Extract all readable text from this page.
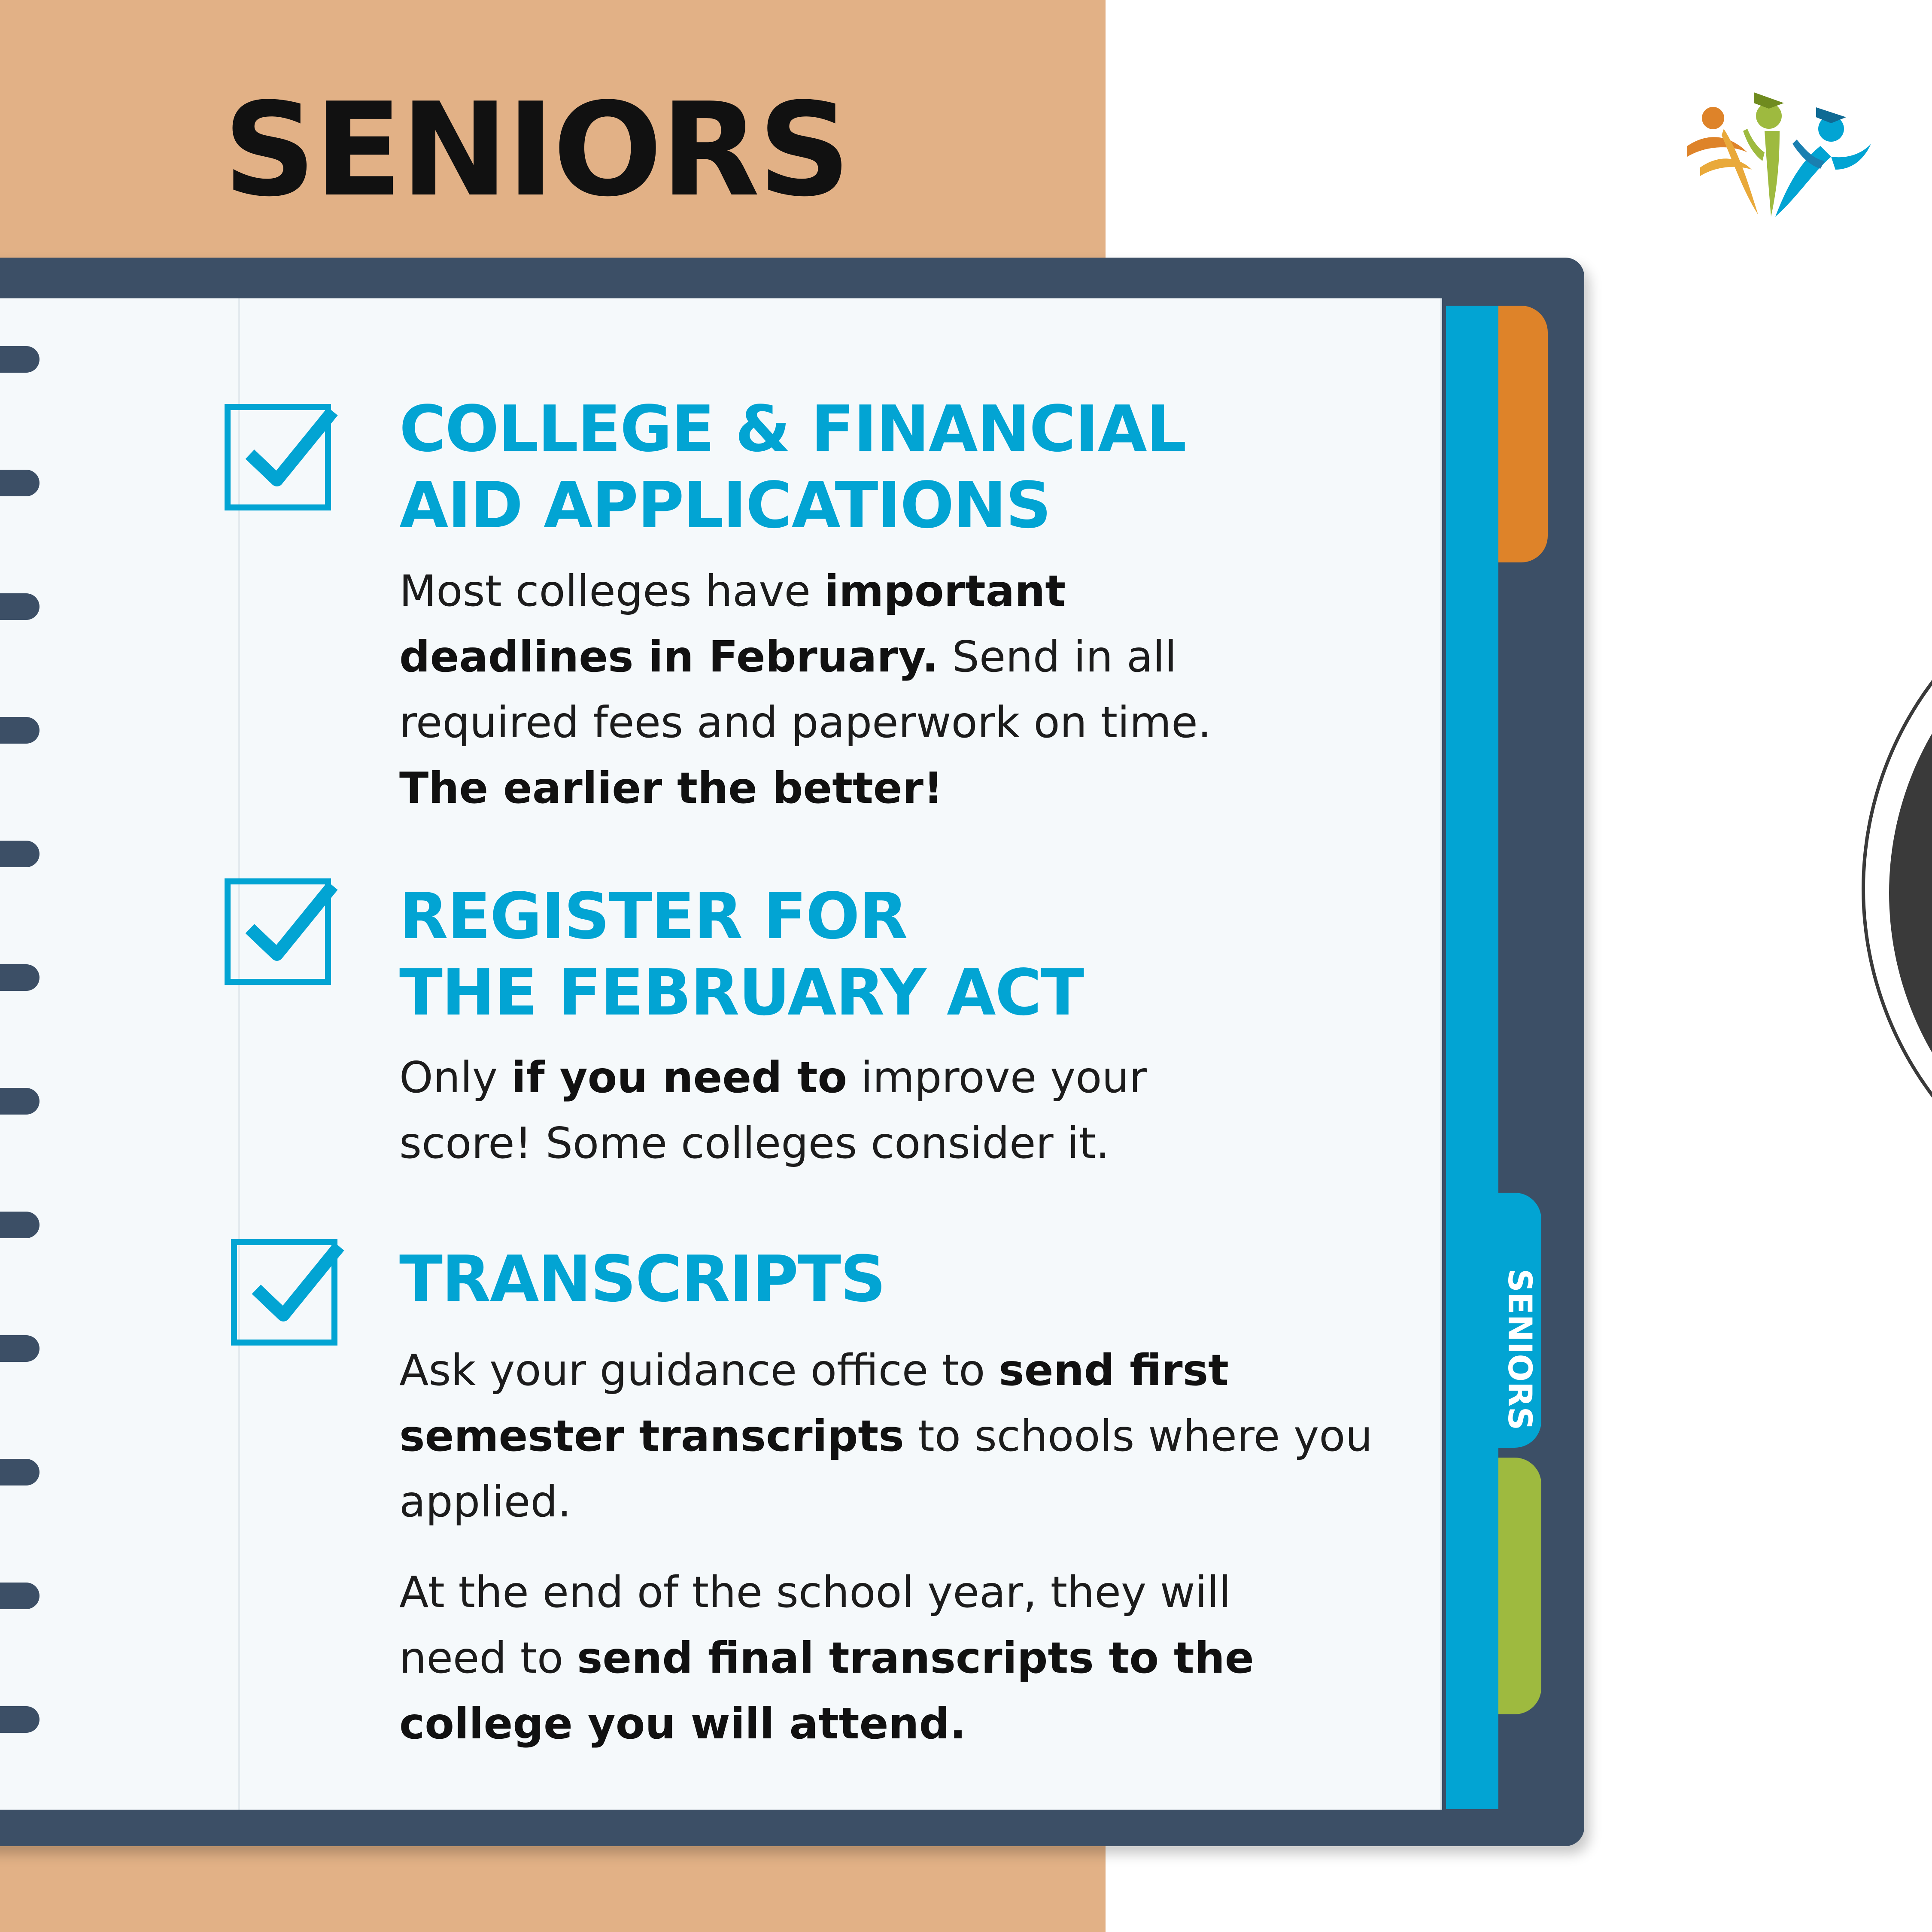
SENIORS
SENIORS
COLLEGE & FINANCIAL
AID APPLICATIONS
Most colleges have important
deadlines in February. Send in all
required fees and paperwork on time.
The earlier the better!
REGISTER FOR
THE FEBRUARY ACT
Only if you need to improve your
score! Some colleges consider it.
TRANSCRIPTS
Ask your guidance office to send first
semester transcripts to schools where you
applied.
At the end of the school year, they will
need to send final transcripts to the
college you will attend.
